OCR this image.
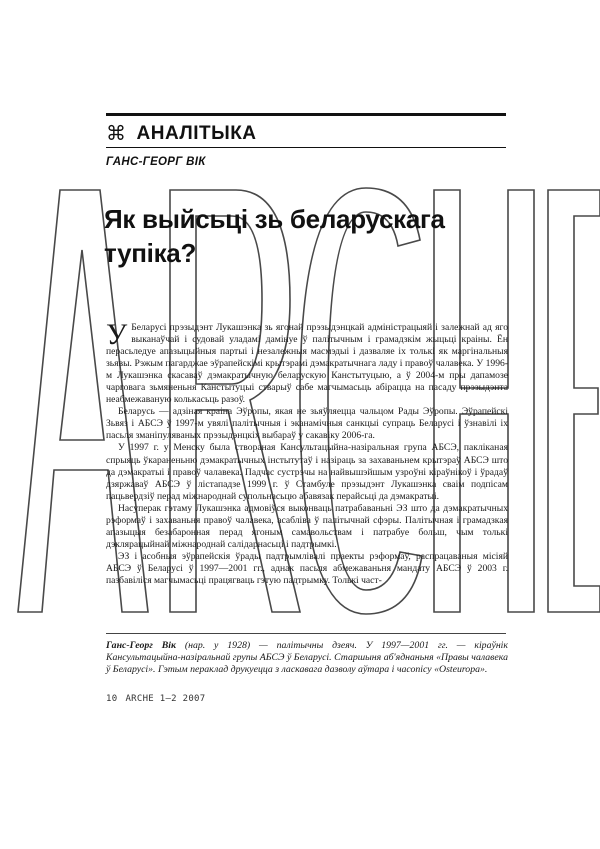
⌘ АНАЛІТЫКА
ГАНС-ГЕОРГ ВІК
Як выйсьці зь беларускага тупіка?

У Беларусі прэзыдэнт Лукашэнка зь ягонай прэзыдэнцкай адміністрацыяй і залежнай ад яго выканаўчай і судовай уладамі дамінуе ў палітычным і грамадзкім жыцьці краіны. Ён перасьледуе апазыцыйныя партыі і незалежныя масмэдыі і дазваляе іх толькі як маргінальныя зьявы. Рэжым пагарджае эўрапейскімі крытэрамі дэмакратычнага ладу і правоў чалавека. У 1996-м Лукашэнка скасаваў дэмакратычную беларускую Канстытуцыю, а ў 2004-м пры дапамозе чарговага зьмяненьня Канстытуцыі стварыў сабе магчымасьць абірацца на пасаду прэзыдэнта неабмежаваную колькасьць разоў.

Беларусь — адзіная краіна Эўропы, якая не зьяўляецца чальцом Рады Эўропы. Эўрапейскі Зьвяз і АБСЭ ў 1997-м увялі палітычныя і эканамічныя санкцыі супраць Беларусі і ўзнавілі іх пасьля зманіпуляваных прэзыдэнцкіх выбараў у сакавіку 2006-га.

У 1997 г. у Менску была створаная Кансультацыйна-назіральная група АБСЭ, пакліканая спрыяць ўкараненьню дэмакратычных інстытутаў і назіраць за захаваньнем крытэраў АБСЭ што да дэмакратыі і правоў чалавека. Падчас сустрэчы на найвышэйшым узроўні кіраўнікоў і ўрадаў дзяржаваў АБСЭ ў лістападзе 1999 г. ў Стамбуле прэзыдэнт Лукашэнка сваім подпісам пацьвердзіў перад міжнароднай супольнасьцю абавязак перайсьці да дэмакратыі.

Насуперак гэтаму Лукашэнка адмовіўся выконваць патрабаваньні ЭЗ што да дэмакратычных рэформаў і захаваньня правоў чалавека, асабліва ў палітычнай сфэры. Палітычная і грамадзкая апазыцыя безабаронная перад ягоным самавольствам і патрабуе больш, чым толькі дэклярацыйнай міжнароднай салідарнасьці і падтрымкі.

ЭЗ і асобныя эўрапейскія ўрады падтрымлівалі праекты рэформаў, распрацаваныя місіяй АБСЭ ў Беларусі ў 1997—2001 гг., аднак пасьля абмежаваньня мандату АБСЭ ў 2003 г. пазбавіліся магчымасьці працягваць гэтую падтрымку. Толькі част-

Ганс-Георг Вік (нар. у 1928) — палітычны дзеяч. У 1997—2001 гг. — кіраўнік Кансультацыйна-назіральнай групы АБСЭ ў Беларусі. Старшыня аб'яднаньня «Правы чалавека ў Беларусі». Гэтым пераклад друкуецца з ласкавага дазволу аўтара і часопісу «Osteuropa».
10 ARCHE 1—2 2007
